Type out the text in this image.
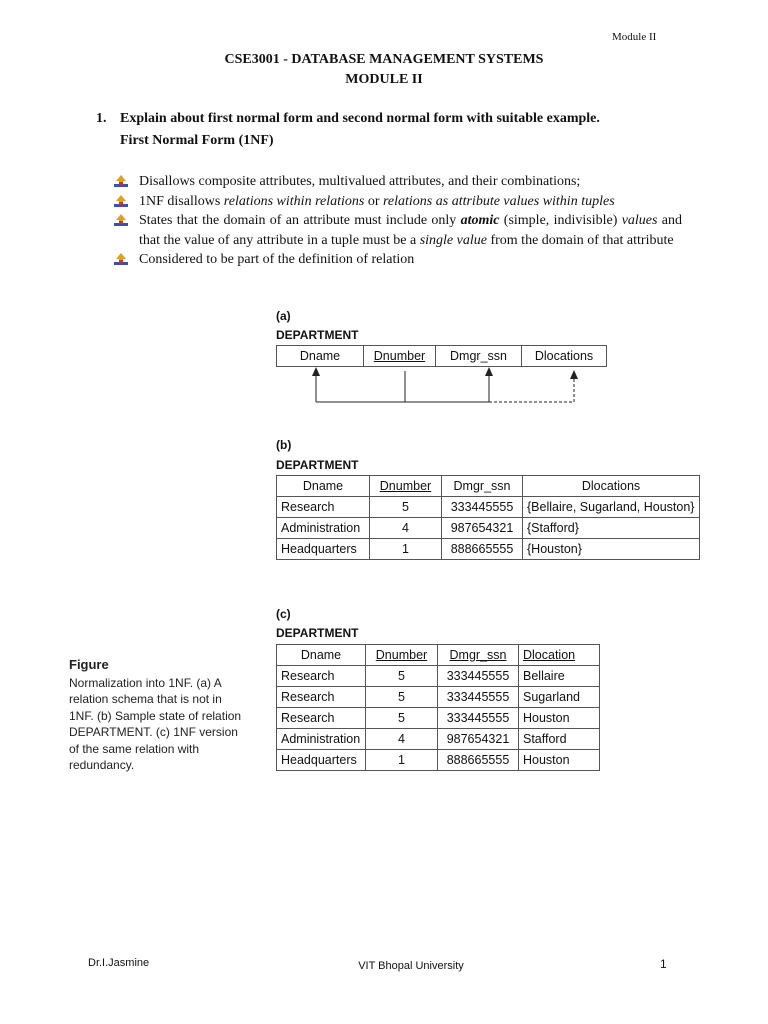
Module II
CSE3001 - DATABASE MANAGEMENT SYSTEMS
MODULE II
1. Explain about first normal form and second normal form with suitable example.
First Normal Form (1NF)
Disallows composite attributes, multivalued attributes, and their combinations;
1NF disallows relations within relations or relations as attribute values within tuples
States that the domain of an attribute must include only atomic (simple, indivisible) values and that the value of any attribute in a tuple must be a single value from the domain of that attribute
Considered to be part of the definition of relation
(a)
DEPARTMENT
Dname	Dnumber	Dmgr_ssn	Dlocations
(b)
DEPARTMENT
Dname	Dnumber	Dmgr_ssn	Dlocations
Research	5	333445555	{Bellaire, Sugarland, Houston}
Administration	4	987654321	{Stafford}
Headquarters	1	888665555	{Houston}
(c)
DEPARTMENT
Dname	Dnumber	Dmgr_ssn	Dlocation
Research	5	333445555	Bellaire
Research	5	333445555	Sugarland
Research	5	333445555	Houston
Administration	4	987654321	Stafford
Headquarters	1	888665555	Houston
Figure
Normalization into 1NF. (a) A relation schema that is not in 1NF. (b) Sample state of relation DEPARTMENT. (c) 1NF version of the same relation with redundancy.
Dr.I.Jasmine	VIT Bhopal University	1
